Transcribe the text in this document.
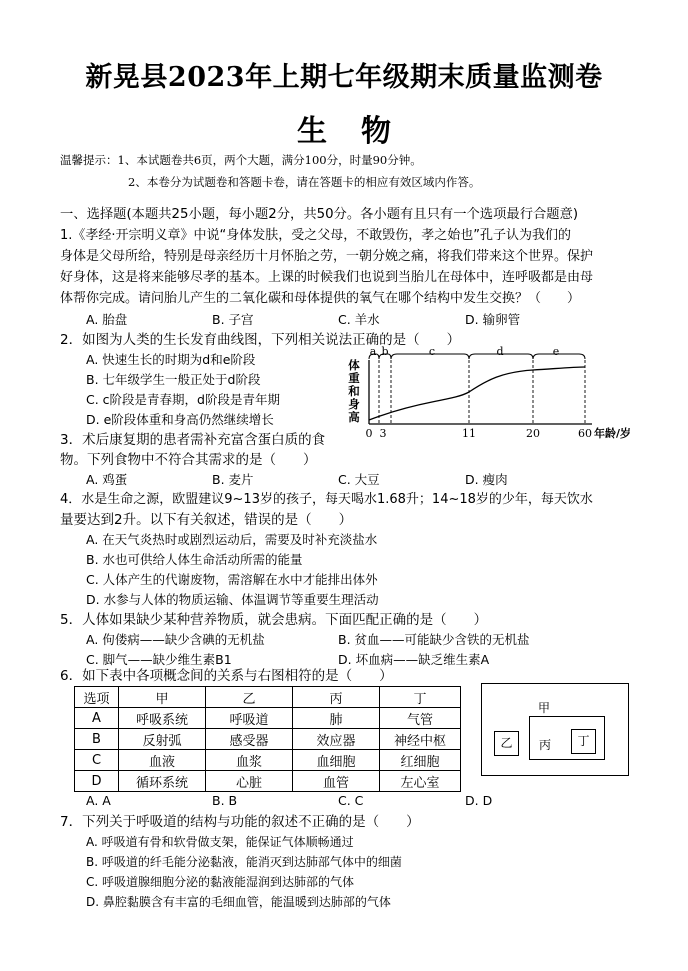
新晃县2023年上期七年级期末质量监测卷
生物
温馨提示：1、本试题卷共6页，两个大题，满分100分，时量90分钟。
2、本卷分为试题卷和答题卡卷，请在答题卡的相应有效区域内作答。
一、选择题(本题共25小题，每小题2分，共50分。各小题有且只有一个选项最行合题意)
1.《孝经·开宗明义章》中说“身体发肤，受之父母，不敢毁伤，孝之始也”孔子认为我们的
身体是父母所给，特别是母亲经历十月怀胎之劳，一朝分娩之痛，将我们带来这个世界。保护
好身体，这是将来能够尽孝的基本。上课的时候我们也说到当胎儿在母体中，连呼吸都是由母
体帮你完成。请问胎儿产生的二氧化碳和母体提供的氧气在哪个结构中发生交换？（　　）
A. 胎盘	B. 子宫	C. 羊水	D. 输卵管
2．如图为人类的生长发育曲线图，下列相关说法正确的是（　　）
A. 快速生长的时期为d和e阶段
B. 七年级学生一般正处于d阶段
C. c阶段是青春期，d阶段是青年期
D. e阶段体重和身高仍然继续增长
a b	c	d	e
体重和身高
0 3	11	20	60 年龄/岁
3．术后康复期的患者需补充富含蛋白质的食
物。下列食物中不符合其需求的是（　　）
A. 鸡蛋	B. 麦片	C. 大豆	D. 瘦肉
4．水是生命之源，欧盟建议9~13岁的孩子，每天喝水1.68升；14~18岁的少年，每天饮水
量要达到2升。以下有关叙述，错误的是（　　）
A. 在天气炎热时或剧烈运动后，需要及时补充淡盐水
B. 水也可供给人体生命活动所需的能量
C. 人体产生的代谢废物，需溶解在水中才能排出体外
D. 水参与人体的物质运输、体温调节等重要生理活动
5．人体如果缺少某种营养物质，就会患病。下面匹配正确的是（　　）
A. 佝偻病——缺少含碘的无机盐	B. 贫血——可能缺少含铁的无机盐
C. 脚气——缺少维生素B1	D. 坏血病——缺乏维生素A
6．如下表中各项概念间的关系与右图相符的是（　　）
选项	甲	乙	丙	丁
A	呼吸系统	呼吸道	肺	气管
B	反射弧	感受器	效应器	神经中枢
C	血液	血浆	血细胞	红细胞
D	循环系统	心脏	血管	左心室
甲
乙	丙	丁
A. A	B. B	C. C	D. D
7．下列关于呼吸道的结构与功能的叙述不正确的是（　　）
A. 呼吸道有骨和软骨做支架，能保证气体顺畅通过
B. 呼吸道的纤毛能分泌黏液，能消灭到达肺部气体中的细菌
C. 呼吸道腺细胞分泌的黏液能湿润到达肺部的气体
D. 鼻腔黏膜含有丰富的毛细血管，能温暖到达肺部的气体
